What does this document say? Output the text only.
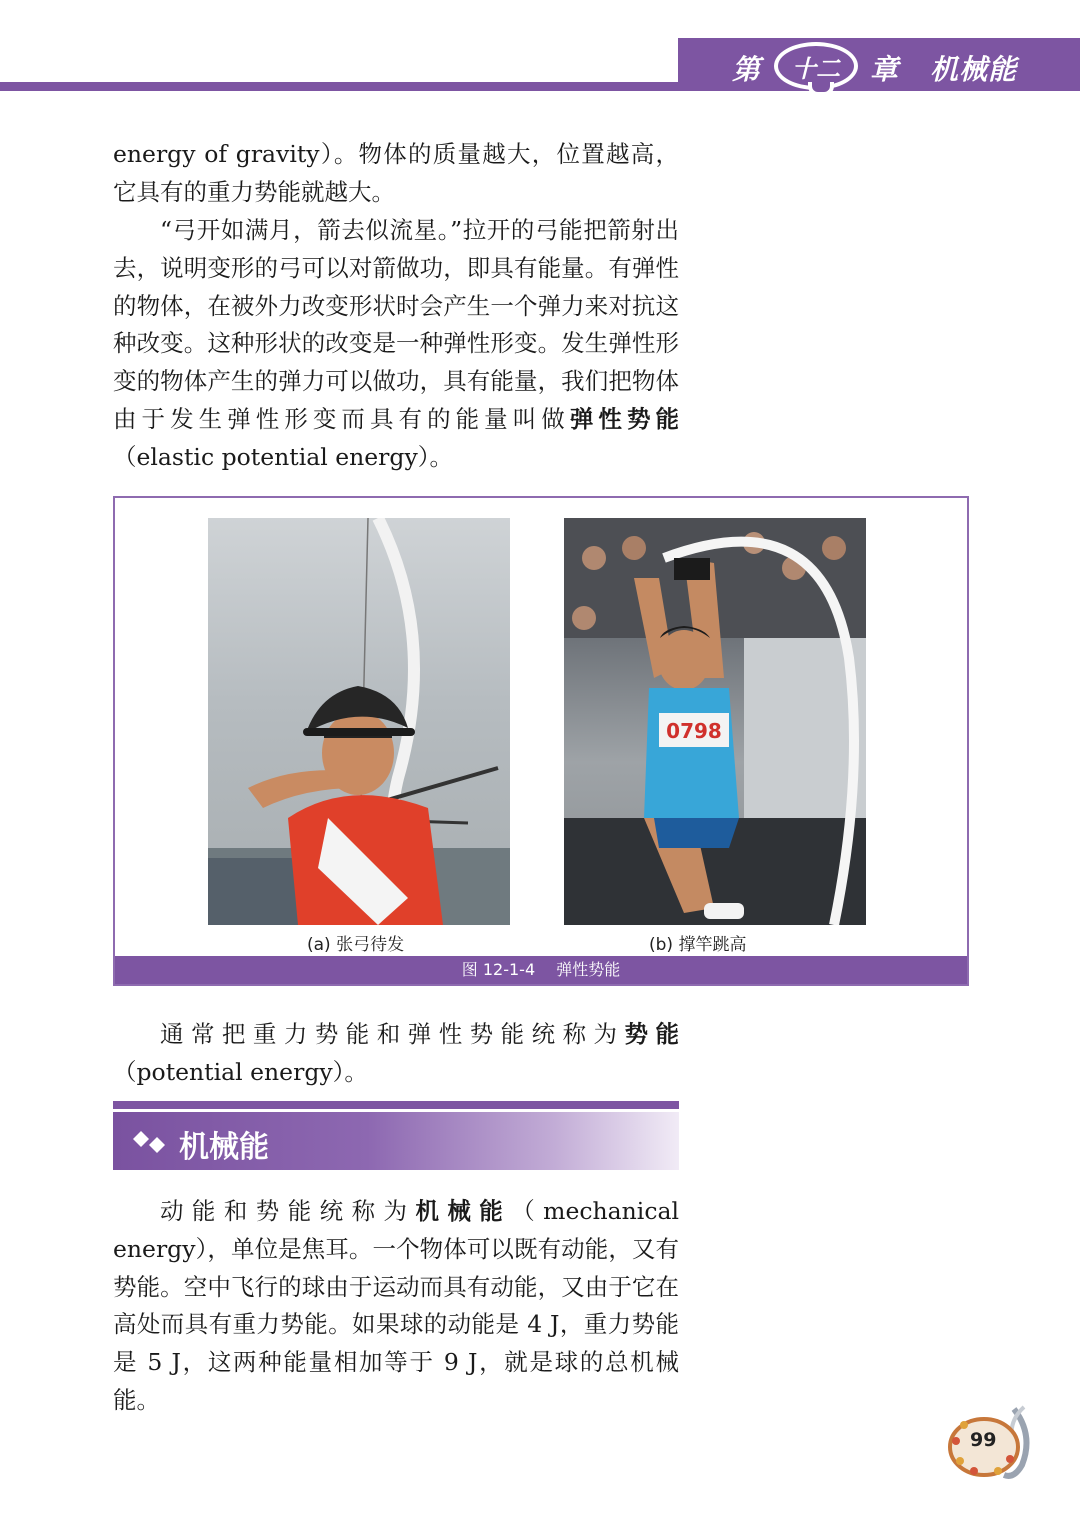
第 十二 章 机械能

energy of gravity）。物体的质量越大，位置越高，它具有的重力势能就越大。

“弓开如满月，箭去似流星。”拉开的弓能把箭射出去，说明变形的弓可以对箭做功，即具有能量。有弹性的物体，在被外力改变形状时会产生一个弹力来对抗这种改变。这种形状的改变是一种弹性形变。发生弹性形变的物体产生的弹力可以做功，具有能量，我们把物体由于发生弹性形变而具有的能量叫做弹性势能（elastic potential energy）。

0798
(a) 张弓待发	(b) 撑竿跳高
图 12-1-4 弹性势能

通常把重力势能和弹性势能统称为势能（potential energy）。

机械能

动能和势能统称为机械能（mechanical energy），单位是焦耳。一个物体可以既有动能，又有势能。空中飞行的球由于运动而具有动能，又由于它在高处而具有重力势能。如果球的动能是 4 J，重力势能是 5 J，这两种能量相加等于 9 J，就是球的总机械能。

99
